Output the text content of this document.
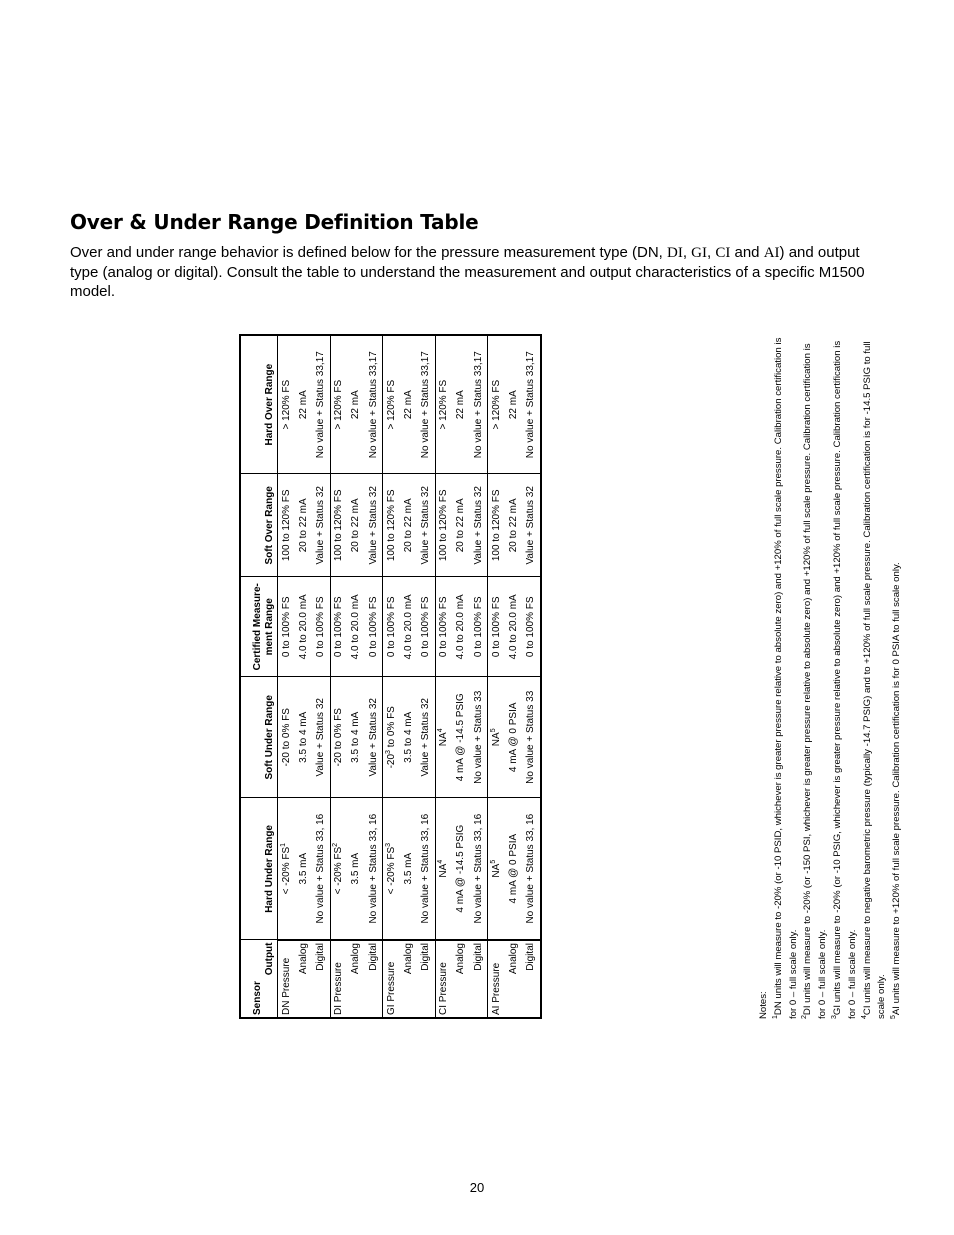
Over & Under Range Definition Table

Over and under range behavior is defined below for the pressure measurement type (DN, DI, GI, CI and AI) and output type (analog or digital). Consult the table to understand the measurement and output characteristics of a specific M1500 model.

Sensor
Output	Hard Under Range	Soft Under Range	Certified Measure-ment Range	Soft Over Range	Hard Over Range
DN Pressure	< -20% $FS^1$	-20 to 0% FS	0 to 100% FS	100 to 120% FS	> 120% FS
Analog	3.5 mA	3.5 to 4 mA	4.0 to 20.0 mA	20 to 22 mA	22 mA
Digital	No value + Status 33, 16	Value + Status 32	0 to 100% FS	Value + Status 32	No value + Status 33,17
DI Pressure	< -20% $FS^2$	-20 to 0% FS	0 to 100% FS	100 to 120% FS	> 120% FS
Analog	3.5 mA	3.5 to 4 mA	4.0 to 20.0 mA	20 to 22 mA	22 mA
Digital	No value + Status 33, 16	Value + Status 32	0 to 100% FS	Value + Status 32	No value + Status 33,17
GI Pressure	< -20% $FS^3$	$-20^3$ to 0% FS	0 to 100% FS	100 to 120% FS	> 120% FS
Analog	3.5 mA	3.5 to 4 mA	4.0 to 20.0 mA	20 to 22 mA	22 mA
Digital	No value + Status 33, 16	Value + Status 32	0 to 100% FS	Value + Status 32	No value + Status 33,17
CI Pressure	$NA^4$	$NA^4$	0 to 100% FS	100 to 120% FS	> 120% FS
Analog	4 mA @ -14.5 PSIG	4 mA @ -14.5 PSIG	4.0 to 20.0 mA	20 to 22 mA	22 mA
Digital	No value + Status 33, 16	No value + Status 33	0 to 100% FS	Value + Status 32	No value + Status 33,17
AI Pressure	$NA^5$	$NA^5$	0 to 100% FS	100 to 120% FS	> 120% FS
Analog	4 mA @ 0 PSIA	4 mA @ 0 PSIA	4.0 to 20.0 mA	20 to 22 mA	22 mA
Digital	No value + Status 33, 16	No value + Status 33	0 to 100% FS	Value + Status 32	No value + Status 33,17

Notes: $^1$DN units will measure to -20% (or -10 PSID, whichever is greater pressure relative to absolute zero) and +120% of full scale pressure. Calibration certification is for 0 – full scale only. $^2$DI units will measure to -20% (or -150 PSI, whichever is greater pressure relative to absolute zero) and +120% of full scale pressure. Calibration certification is for 0 – full scale only. $^3$GI units will measure to -20% (or -10 PSIG, whichever is greater pressure relative to absolute zero) and +120% of full scale pressure. Calibration certification is for 0 – full scale only. $^4$CI units will measure to negative barometric pressure (typically -14.7 PSIG) and to +120% of full scale pressure. Calibration certification is for -14.5 PSIG to full scale only. $^5$AI units will measure to +120% of full scale pressure. Calibration certification is for 0 PSIA to full scale only.

20
